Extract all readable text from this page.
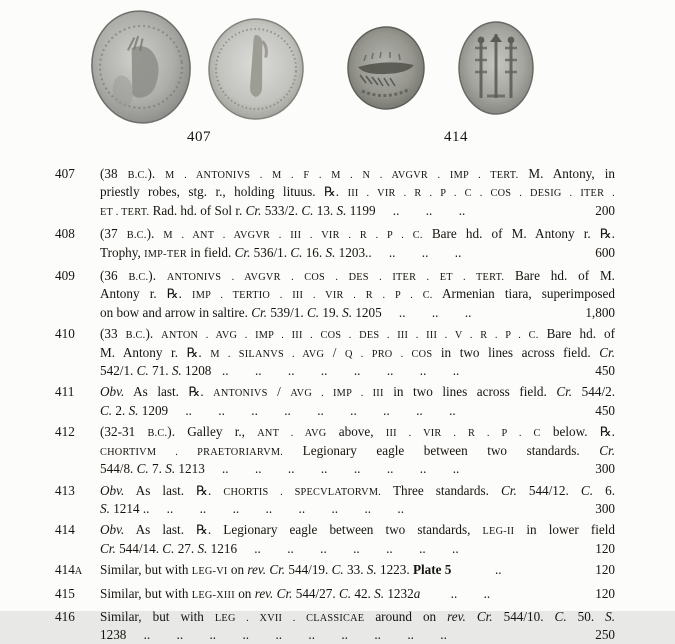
407	414
407	(38 B.C.). M . ANTONIVS . M . F . M . N . AVGVR . IMP . TERT. M. Antony, in
priestly robes, stg. r., holding lituus. ℞. III . VIR . R . P . C . COS . DESIG . ITER .
ET . TERT. Rad. hd. of Sol r. Cr. 533/2. C. 13. S. 1199  ..  ..  ..	200
408	(37 B.C.). M . ANT . AVGVR . III . VIR . R . P . C. Bare hd. of M. Antony r. ℞.
Trophy, IMP-TER in field. Cr. 536/1. C. 16. S. 1203..  ..  ..  ..	600
409	(36 B.C.). ANTONIVS . AVGVR . COS . DES . ITER . ET . TERT. Bare hd. of M.
Antony r. ℞. IMP . TERTIO . III . VIR . R . P . C. Armenian tiara, superimposed
on bow and arrow in saltire. Cr. 539/1. C. 19. S. 1205  ..  ..  ..	1,800
410	(33 B.C.). ANTON . AVG . IMP . III . COS . DES . III . III . V . R . P . C. Bare hd. of
M. Antony r. ℞. M . SILANVS . AVG / Q . PRO . COS in two lines across field. Cr.
542/1. C. 71. S. 1208  ..  ..  ..  ..  ..  ..  ..  ..	450
411	Obv. As last. ℞. ANTONIVS / AVG . IMP . III in two lines across field. Cr. 544/2.
C. 2. S. 1209  ..  ..  ..  ..  ..  ..  ..  ..  ..	450
412	(32-31 B.C.). Galley r., ANT . AVG above, III . VIR . R . P . C below. ℞.
CHORTIVM . PRAETORIARVM. Legionary eagle between two standards. Cr.
544/8. C. 7. S. 1213  ..  ..  ..  ..  ..  ..  ..  ..	300
413	Obv. As last. ℞. CHORTIS . SPECVLATORVM. Three standards. Cr. 544/12. C. 6.
S. 1214 ..  ..  ..  ..  ..  ..  ..  ..  ..	300
414	Obv. As last. ℞. Legionary eagle between two standards, LEG-II in lower field
Cr. 544/14. C. 27. S. 1216  ..  ..  ..  ..  ..  ..  ..	120
414A	Similar, but with LEG-VI on rev. Cr. 544/19. C. 33. S. 1223. Plate 5    ..	120
415	Similar, but with LEG-XIII on rev. Cr. 544/27. C. 42. S. 1232a   ..  ..	120
416	Similar, but with LEG . XVII . CLASSICAE around on rev. Cr. 544/10. C. 50. S.
1238  ..  ..  ..  ..  ..  ..  ..  ..  ..  ..	250
